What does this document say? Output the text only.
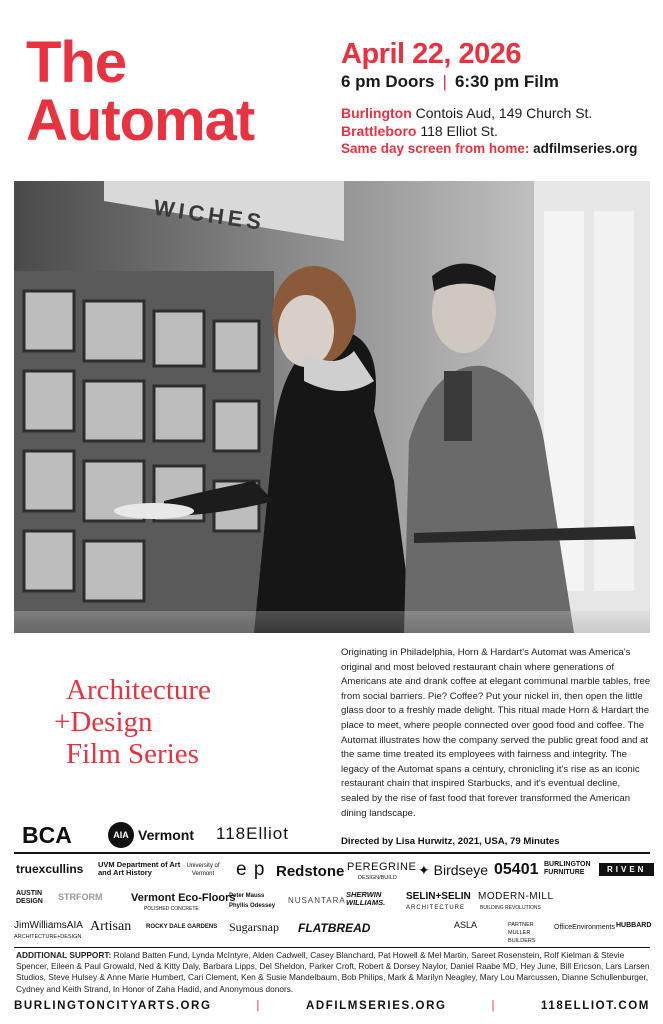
The
Automat
April 22, 2026
6 pm Doors | 6:30 pm Film
Burlington Contois Aud, 149 Church St.
Brattleboro 118 Elliot St.
Same day screen from home: adfilmseries.org
WICHES
Architecture
+Design
Film Series
Originating in Philadelphia, Horn & Hardart's Automat was America's original and most beloved restaurant chain where generations of Americans ate and drank coffee at elegant communal marble tables, free from social barriers. Pie? Coffee? Put your nickel in, then open the little glass door to a freshly made delight. This ritual made Horn & Hardart the place to meet, where people connected over good food and coffee. The Automat illustrates how the company served the public great food and at the same time treated its employees with fairness and integrity. The legacy of the Automat spans a century, chronicling it's rise as an iconic restaurant chain that inspired Starbucks, and it's eventual decline, sealed by the rise of fast food that forever transformed the American dining landscape.
Directed by Lisa Hurwitz, 2021, USA, 79 Minutes
BCA	AIA Vermont 118Elliot
truexcullins UVM Department of Art and Art History
University of Vermont	e p Redstone PEREGRINE
DESIGN/BUILD ✦ Birdseye 05401 BURLINGTON FURNITURE	RIVEN
AUSTIN DESIGN	STRFORM	Vermont Eco-Floors
POLISHED CONCRETE
Peter Mauss
Phyllis Odessey
NUSANTARA
SHERWIN WILLIAMS.
SELIN+SELIN
ARCHITECTURE
MODERN-MILL
BUILDING REVOLUTIONS
JimWilliamsAIA
ARCHITECTURE+DESIGN
Artisan ROCKY DALE GARDENS Sugarsnap FLATBREAD	ASLA	PARTNER MULLER BUILDERS
OfficeEnvironments HUBBARD
ADDITIONAL SUPPORT: Roland Batten Fund, Lynda McIntyre, Alden Cadwell, Casey Blanchard, Pat Howell & Mel Martin, Sareet Rosenstein, Rolf Kielman & Stevie Spencer, Eileen & Paul Growald, Ned & Kitty Daly, Barbara Lipps, Del Sheldon, Parker Croft, Robert & Dorsey Naylor, Daniel Raabe MD, Hey June, Bill Ericson, Lars Larsen Studios, Steve Hulsey & Anne Marie Humbert, Cari Clement, Ken & Susie Mandelbaum, Bob Philips, Mark & Marilyn Neagley, Mary Lou Marcussen, Dianne Schullenburger, Cydney and Keith Strand, In Honor of Zaha Hadid, and Anonymous donors.
BURLINGTONCITYARTS.ORG	|	ADFILMSERIES.ORG	|	118ELLIOT.COM
